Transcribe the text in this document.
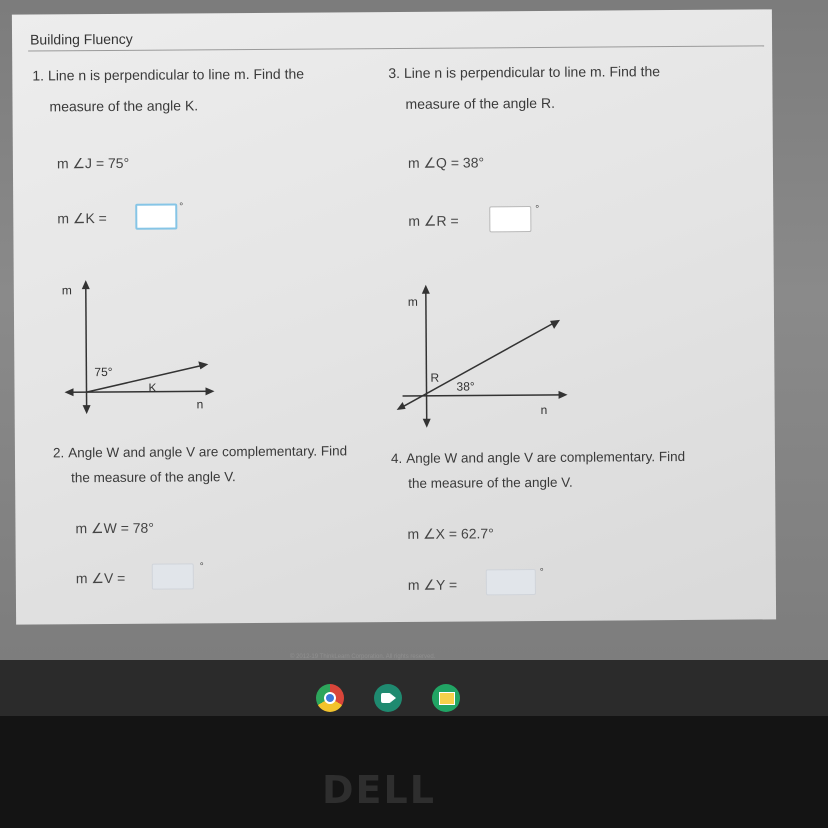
Building Fluency
1. Line n is perpendicular to line m. Find the
measure of the angle K.
m ∠J = 75°
m ∠K =
°
m
n
75°
K
3. Line n is perpendicular to line m. Find the
measure of the angle R.
m ∠Q = 38°
m ∠R =
°
m
n
38°
R
2. Angle W and angle V are complementary. Find
the measure of the angle V.
m ∠W = 78°
m ∠V =
°
4. Angle W and angle V are complementary. Find
the measure of the angle V.
m ∠X = 62.7°
m ∠Y =
°
© 2012-19 ThinkLearn Corporation. All rights reserved.
DELL
